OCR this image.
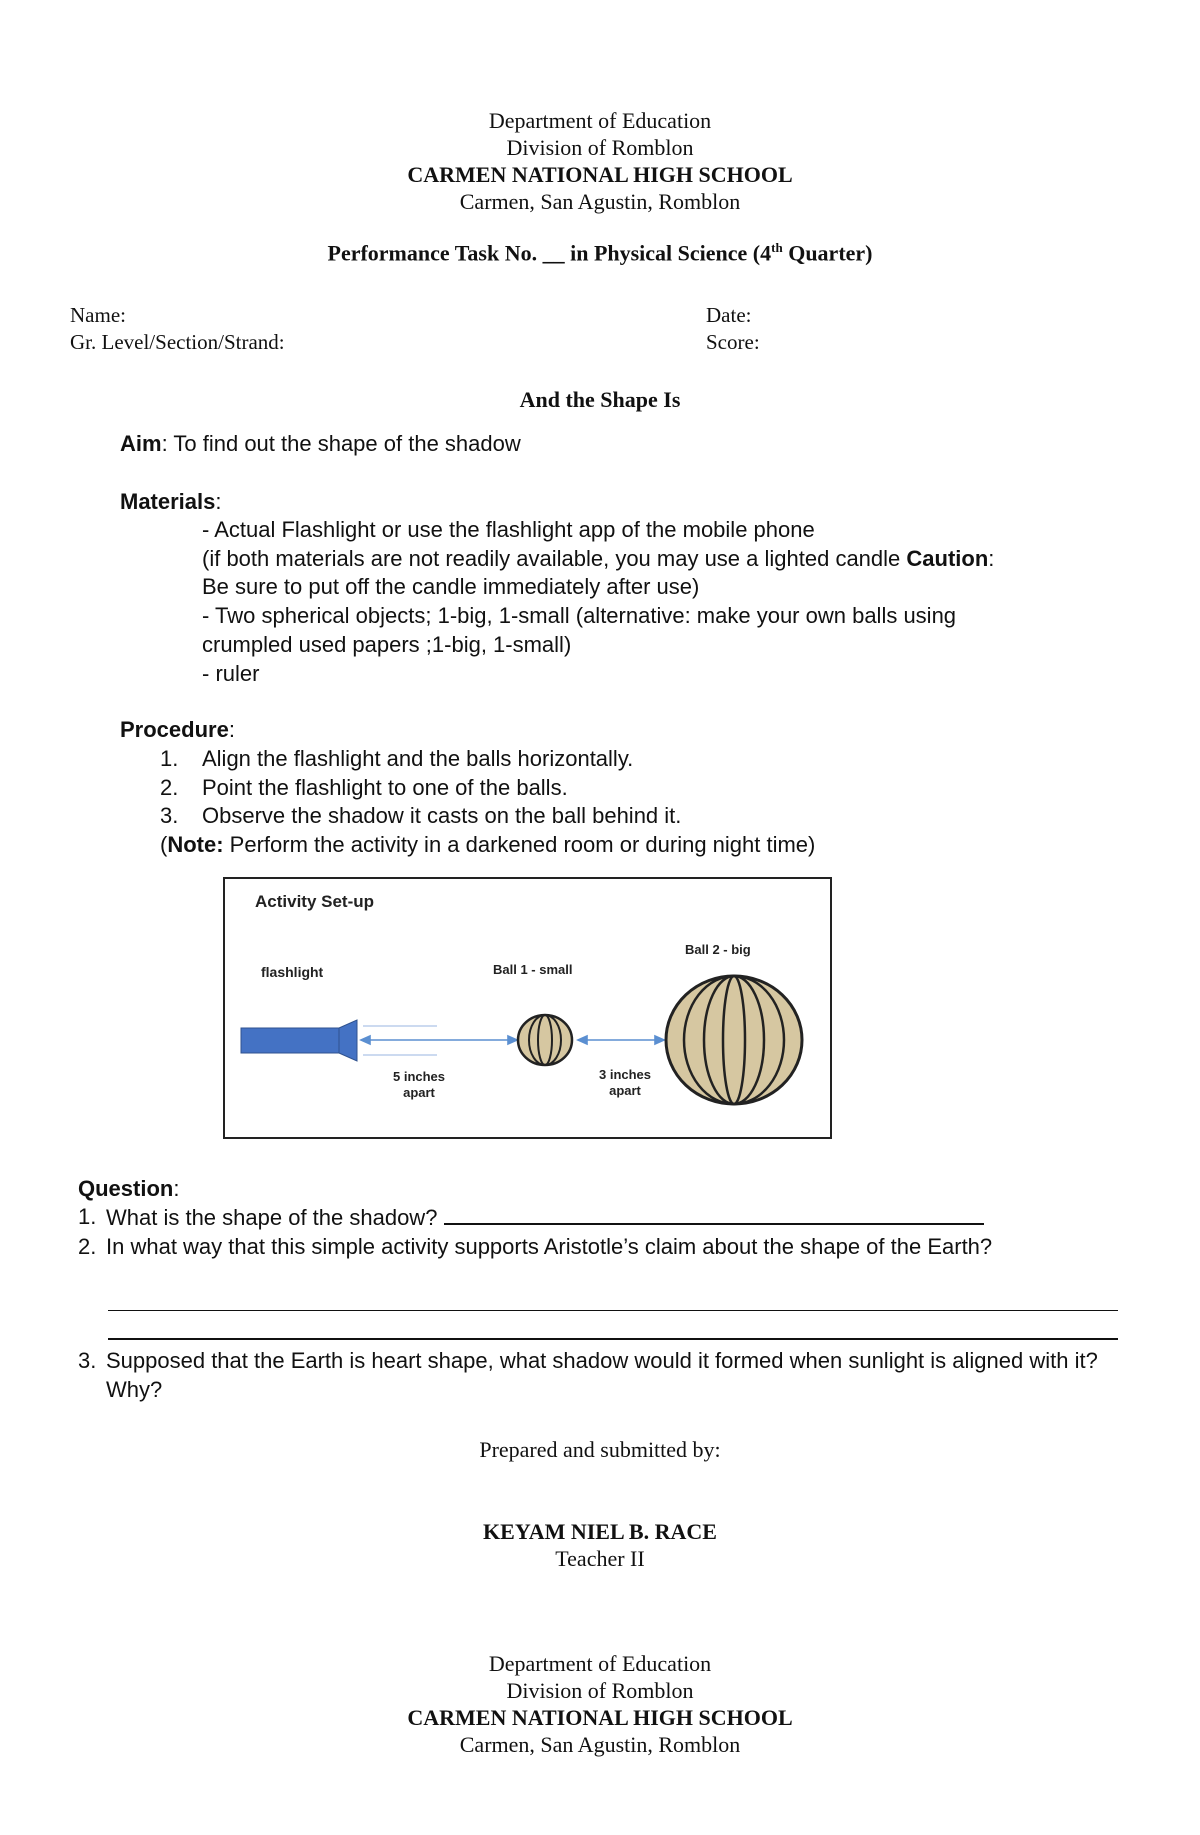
Department of Education
Division of Romblon
CARMEN NATIONAL HIGH SCHOOL
Carmen, San Agustin, Romblon
Performance Task No. __ in Physical Science (4th Quarter)
Name:	Date:
Gr. Level/Section/Strand:	Score:
And the Shape Is
Aim: To find out the shape of the shadow
Materials:
- Actual Flashlight or use the flashlight app of the mobile phone
(if both materials are not readily available, you may use a lighted candle Caution:
Be sure to put off the candle immediately after use)
- Two spherical objects; 1-big, 1-small (alternative: make your own balls using
crumpled used papers ;1-big, 1-small)
- ruler
Procedure:
1.	Align the flashlight and the balls horizontally.
2.	Point the flashlight to one of the balls.
3.	Observe the shadow it casts on the ball behind it.
(Note: Perform the activity in a darkened room or during night time)
Activity Set-up
flashlight	Ball 1 - small
Ball 2 - big
5 inches
apart
3 inches
apart
Question:
1. What is the shape of the shadow?
2. In what way that this simple activity supports Aristotle’s claim about the shape of the Earth?
3. Supposed that the Earth is heart shape, what shadow would it formed when sunlight is aligned with it? Why?
Prepared and submitted by:
KEYAM NIEL B. RACE
Teacher II
Department of Education
Division of Romblon
CARMEN NATIONAL HIGH SCHOOL
Carmen, San Agustin, Romblon
